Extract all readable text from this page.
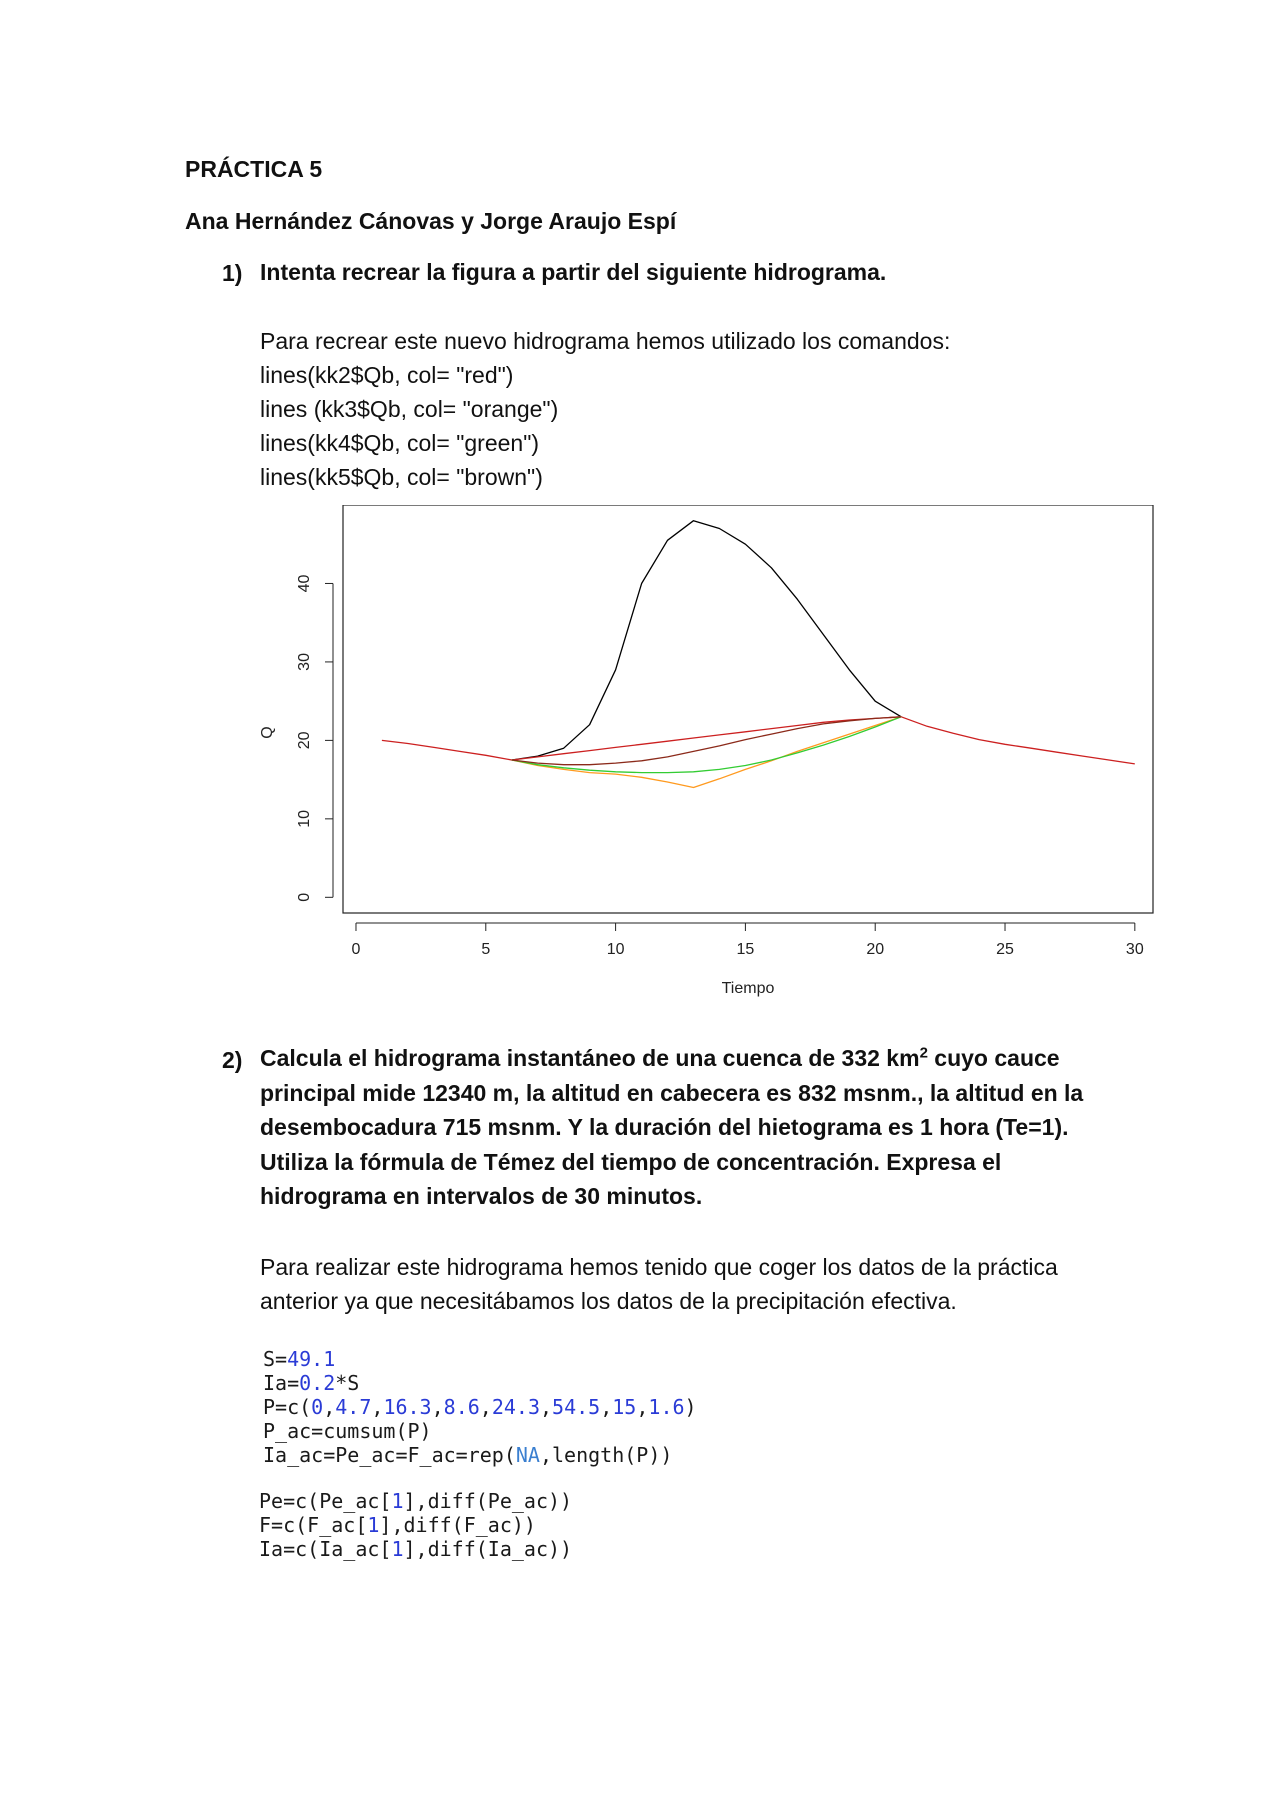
PRÁCTICA 5
Ana Hernández Cánovas y Jorge Araujo Espí
1) Intenta recrear la figura a partir del siguiente hidrograma.
Para recrear este nuevo hidrograma hemos utilizado los comandos:
lines(kk2$Qb, col= "red")
lines (kk3$Qb, col= "orange")
lines(kk4$Qb, col= "green")
lines(kk5$Qb, col= "brown")
0	5	10	15	20	25	30
0
10
20
30
40
Tiempo
Q
2) Calcula el hidrograma instantáneo de una cuenca de 332 $km^2$ cuyo cauce
principal mide 12340 m, la altitud en cabecera es 832 msnm., la altitud en la
desembocadura 715 msnm. Y la duración del hietograma es 1 hora (Te=1).
Utiliza la fórmula de Témez del tiempo de concentración. Expresa el
hidrograma en intervalos de 30 minutos.
Para realizar este hidrograma hemos tenido que coger los datos de la práctica
anterior ya que necesitábamos los datos de la precipitación efectiva.
S=49.1
Ia=0.2*S
P=c(0,4.7,16.3,8.6,24.3,54.5,15,1.6)
P_ac=cumsum(P)
Ia_ac=Pe_ac=F_ac=rep(NA,length(P))
Pe=c(Pe_ac[1],diff(Pe_ac))
F=c(F_ac[1],diff(F_ac))
Ia=c(Ia_ac[1],diff(Ia_ac))
